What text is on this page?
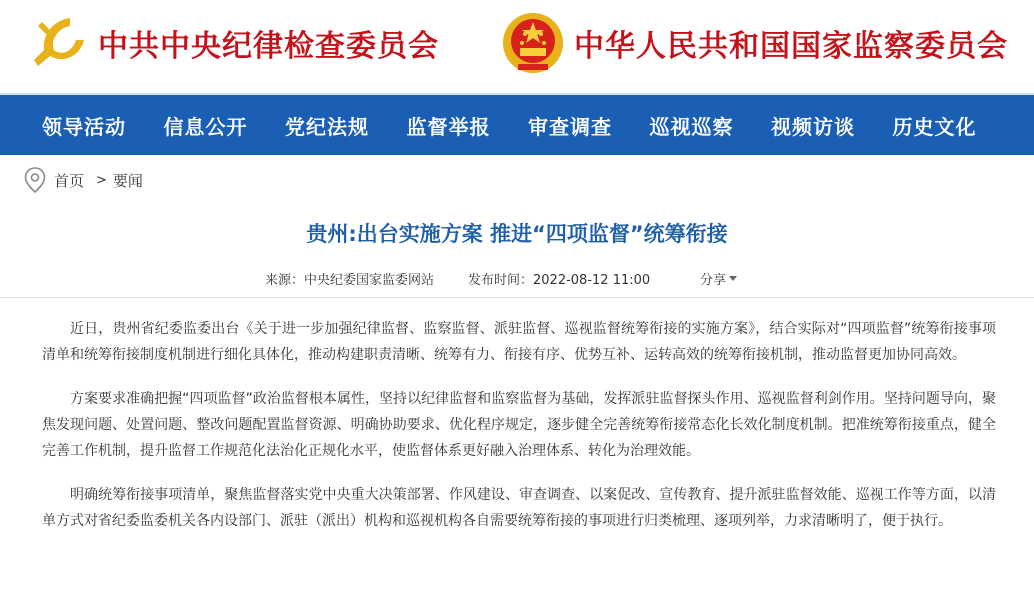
中共中央纪律检查委员会	中华人民共和国国家监察委员会
领导活动	信息公开	党纪法规	监督举报	审查调查	巡视巡察	视频访谈	历史文化
首页 > 要闻
贵州:出台实施方案 推进“四项监督”统筹衔接
来源：中央纪委国家监委网站	发布时间：2022-08-12 11:00	分享

近日，贵州省纪委监委出台《关于进一步加强纪律监督、监察监督、派驻监督、巡视监督统筹衔接的实施方案》，结合实际对“四项监督”统筹衔接事项清单和统筹衔接制度机制进行细化具体化，推动构建职责清晰、统筹有力、衔接有序、优势互补、运转高效的统筹衔接机制，推动监督更加协同高效。

方案要求准确把握“四项监督”政治监督根本属性，坚持以纪律监督和监察监督为基础，发挥派驻监督探头作用、巡视监督利剑作用。坚持问题导向，聚焦发现问题、处置问题、整改问题配置监督资源、明确协助要求、优化程序规定，逐步健全完善统筹衔接常态化长效化制度机制。把准统筹衔接重点，健全完善工作机制，提升监督工作规范化法治化正规化水平，使监督体系更好融入治理体系、转化为治理效能。

明确统筹衔接事项清单，聚焦监督落实党中央重大决策部署、作风建设、审查调查、以案促改、宣传教育、提升派驻监督效能、巡视工作等方面，以清单方式对省纪委监委机关各内设部门、派驻（派出）机构和巡视机构各自需要统筹衔接的事项进行归类梳理、逐项列举，力求清晰明了，便于执行。
